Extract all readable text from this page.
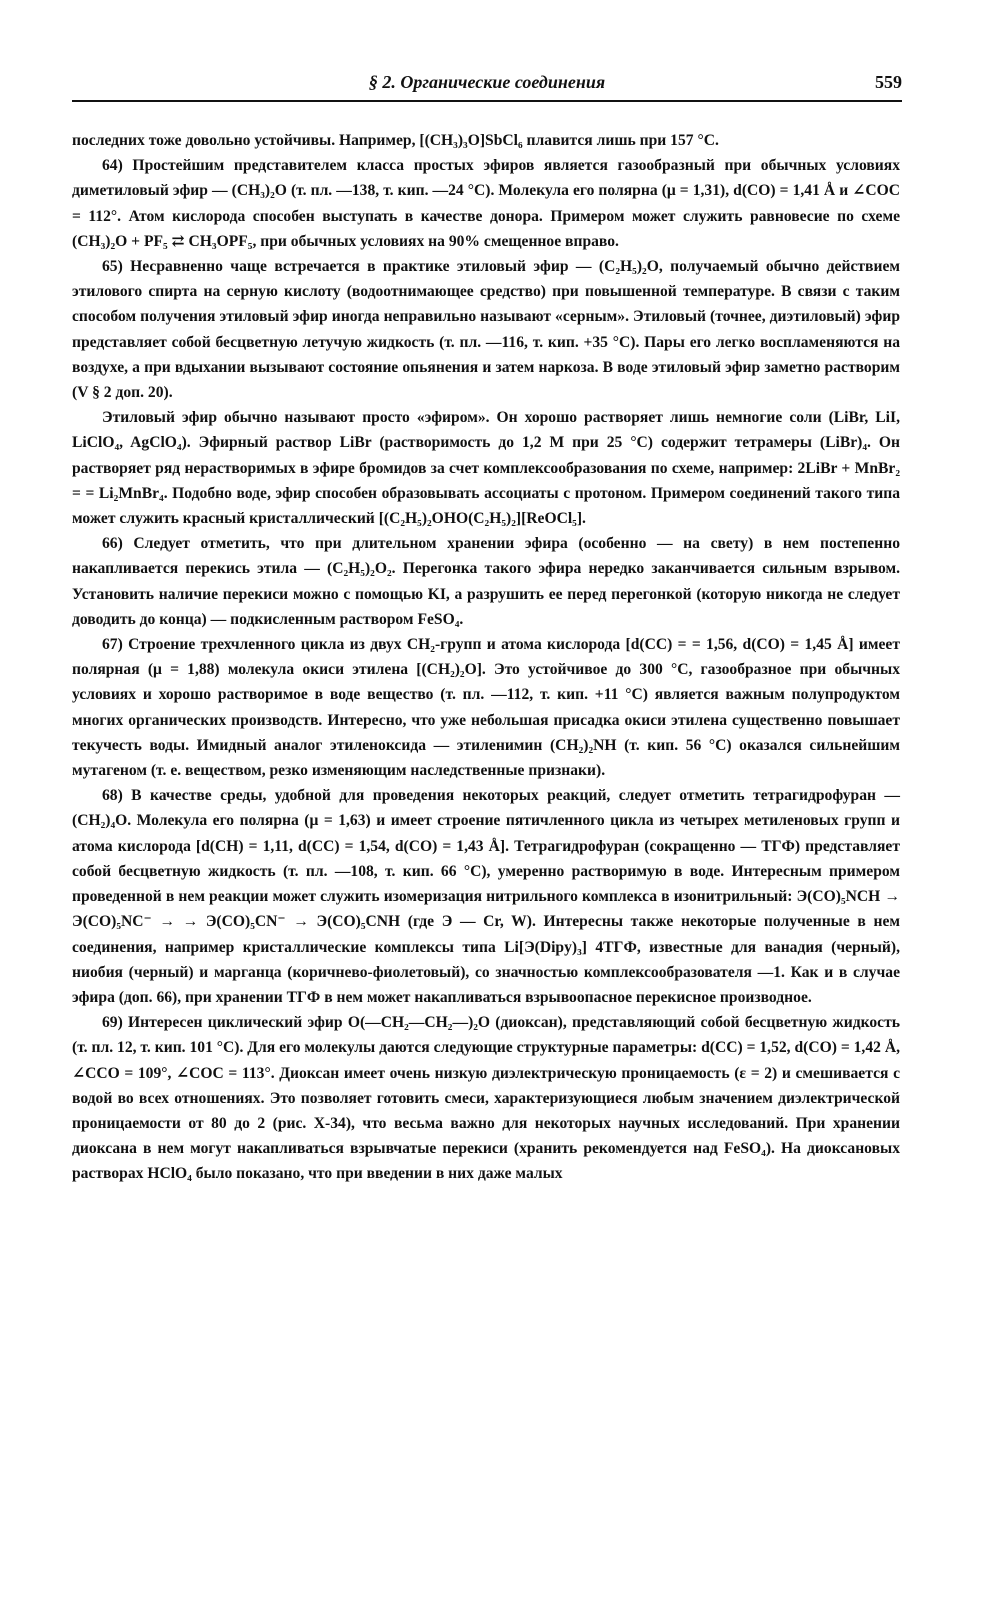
§ 2. Органические соединения	559

последних тоже довольно устойчивы. Например, [(CH₃)₃O]SbCl₆ плавится лишь при 157 °C.

64) Простейшим представителем класса простых эфиров является газообразный при обычных условиях диметиловый эфир — (CH₃)₂O (т. пл. —138, т. кип. —24 °C). Молекула его полярна (μ = 1,31), d(CO) = 1,41 Å и ∠COC = 112°. Атом кислорода способен выступать в качестве донора. Примером может служить равновесие по схеме (CH₃)₂O + PF₅ ⇄ CH₃OPF₅, при обычных условиях на 90% смещенное вправо.

65) Несравненно чаще встречается в практике этиловый эфир — (C₂H₅)₂O, получаемый обычно действием этилового спирта на серную кислоту (водоотнимающее средство) при повышенной температуре. В связи с таким способом получения этиловый эфир иногда неправильно называют «серным». Этиловый (точнее, диэтиловый) эфир представляет собой бесцветную летучую жидкость (т. пл. —116, т. кип. +35 °C). Пары его легко воспламеняются на воздухе, а при вдыхании вызывают состояние опьянения и затем наркоза. В воде этиловый эфир заметно растворим (V § 2 доп. 20).

Этиловый эфир обычно называют просто «эфиром». Он хорошо растворяет лишь немногие соли (LiBr, LiI, LiClO₄, AgClO₄). Эфирный раствор LiBr (растворимость до 1,2 M при 25 °C) содержит тетрамеры (LiBr)₄. Он растворяет ряд нерастворимых в эфире бромидов за счет комплексообразования по схеме, например: 2LiBr + MnBr₂ = = Li₂MnBr₄. Подобно воде, эфир способен образовывать ассоциаты с протоном. Примером соединений такого типа может служить красный кристаллический [(C₂H₅)₂OHO(C₂H₅)₂][ReOCl₅].

66) Следует отметить, что при длительном хранении эфира (особенно — на свету) в нем постепенно накапливается перекись этила — (C₂H₅)₂O₂. Перегонка такого эфира нередко заканчивается сильным взрывом. Установить наличие перекиси можно с помощью KI, а разрушить ее перед перегонкой (которую никогда не следует доводить до конца) — подкисленным раствором FeSO₄.

67) Строение трехчленного цикла из двух CH₂-групп и атома кислорода [d(CC) = = 1,56, d(CO) = 1,45 Å] имеет полярная (μ = 1,88) молекула окиси этилена [(CH₂)₂O]. Это устойчивое до 300 °C, газообразное при обычных условиях и хорошо растворимое в воде вещество (т. пл. —112, т. кип. +11 °C) является важным полупродуктом многих органических производств. Интересно, что уже небольшая присадка окиси этилена существенно повышает текучесть воды. Имидный аналог этиленоксида — этиленимин (CH₂)₂NH (т. кип. 56 °C) оказался сильнейшим мутагеном (т. е. веществом, резко изменяющим наследственные признаки).

68) В качестве среды, удобной для проведения некоторых реакций, следует отметить тетрагидрофуран — (CH₂)₄O. Молекула его полярна (μ = 1,63) и имеет строение пятичленного цикла из четырех метиленовых групп и атома кислорода [d(CH) = 1,11, d(CC) = 1,54, d(CO) = 1,43 Å]. Тетрагидрофуран (сокращенно — ТГФ) представляет собой бесцветную жидкость (т. пл. —108, т. кип. 66 °C), умеренно растворимую в воде. Интересным примером проведенной в нем реакции может служить изомеризация нитрильного комплекса в изонитрильный: Э(CO)₅NCH → Э(CO)₅NC⁻ → → Э(CO)₅CN⁻ → Э(CO)₅CNH (где Э — Cr, W). Интересны также некоторые полученные в нем соединения, например кристаллические комплексы типа Li[Э(Dipy)₃] 4ТГФ, известные для ванадия (черный), ниобия (черный) и марганца (коричнево-фиолетовый), со значностью комплексообразователя —1. Как и в случае эфира (доп. 66), при хранении ТГФ в нем может накапливаться взрывоопасное перекисное производное.

69) Интересен циклический эфир O(—CH₂—CH₂—)₂O (диоксан), представляющий собой бесцветную жидкость (т. пл. 12, т. кип. 101 °C). Для его молекулы даются следующие структурные параметры: d(CC) = 1,52, d(CO) = 1,42 Å, ∠CCO = 109°, ∠COC = 113°. Диоксан имеет очень низкую диэлектрическую проницаемость (ε = 2) и смешивается с водой во всех отношениях. Это позволяет готовить смеси, характеризующиеся любым значением диэлектрической проницаемости от 80 до 2 (рис. X-34), что весьма важно для некоторых научных исследований. При хранении диоксана в нем могут накапливаться взрывчатые перекиси (хранить рекомендуется над FeSO₄). На диоксановых растворах HClO₄ было показано, что при введении в них даже малых
